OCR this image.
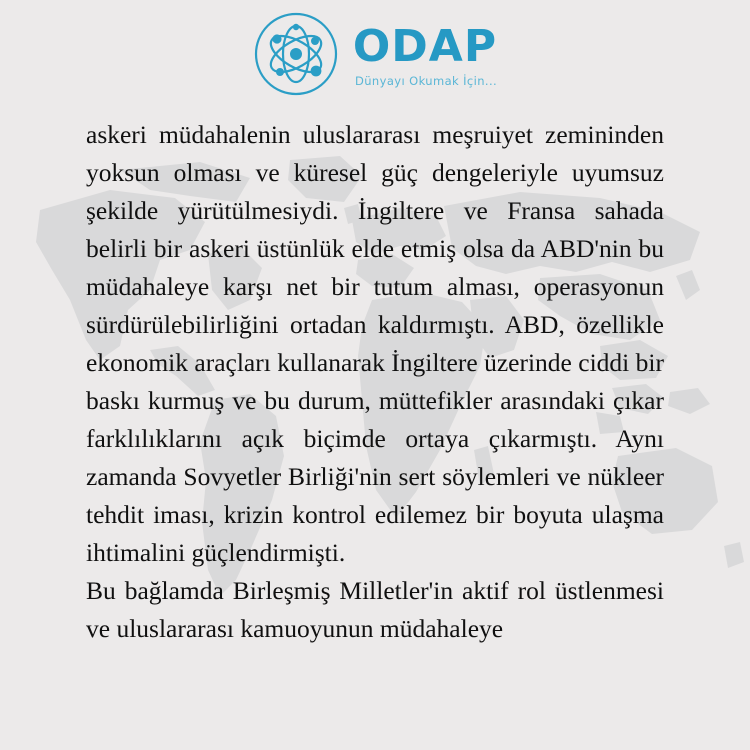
ODAP
Dünyayı Okumak İçin...

askeri müdahalenin uluslararası meşruiyet zemininden yoksun olması ve küresel güç dengeleriyle uyumsuz şekilde yürütülmesiydi. İngiltere ve Fransa sahada belirli bir askeri üstünlük elde etmiş olsa da ABD'nin bu müdahaleye karşı net bir tutum alması, operasyonun sürdürülebilirliğini ortadan kaldırmıştı. ABD, özellikle ekonomik araçları kullanarak İngiltere üzerinde ciddi bir baskı kurmuş ve bu durum, müttefikler arasındaki çıkar farklılıklarını açık biçimde ortaya çıkarmıştı. Aynı zamanda Sovyetler Birliği'nin sert söylemleri ve nükleer tehdit iması, krizin kontrol edilemez bir boyuta ulaşma ihtimalini güçlendirmişti.

Bu bağlamda Birleşmiş Milletler'in aktif rol üstlenmesi ve uluslararası kamuoyunun müdahaleye
